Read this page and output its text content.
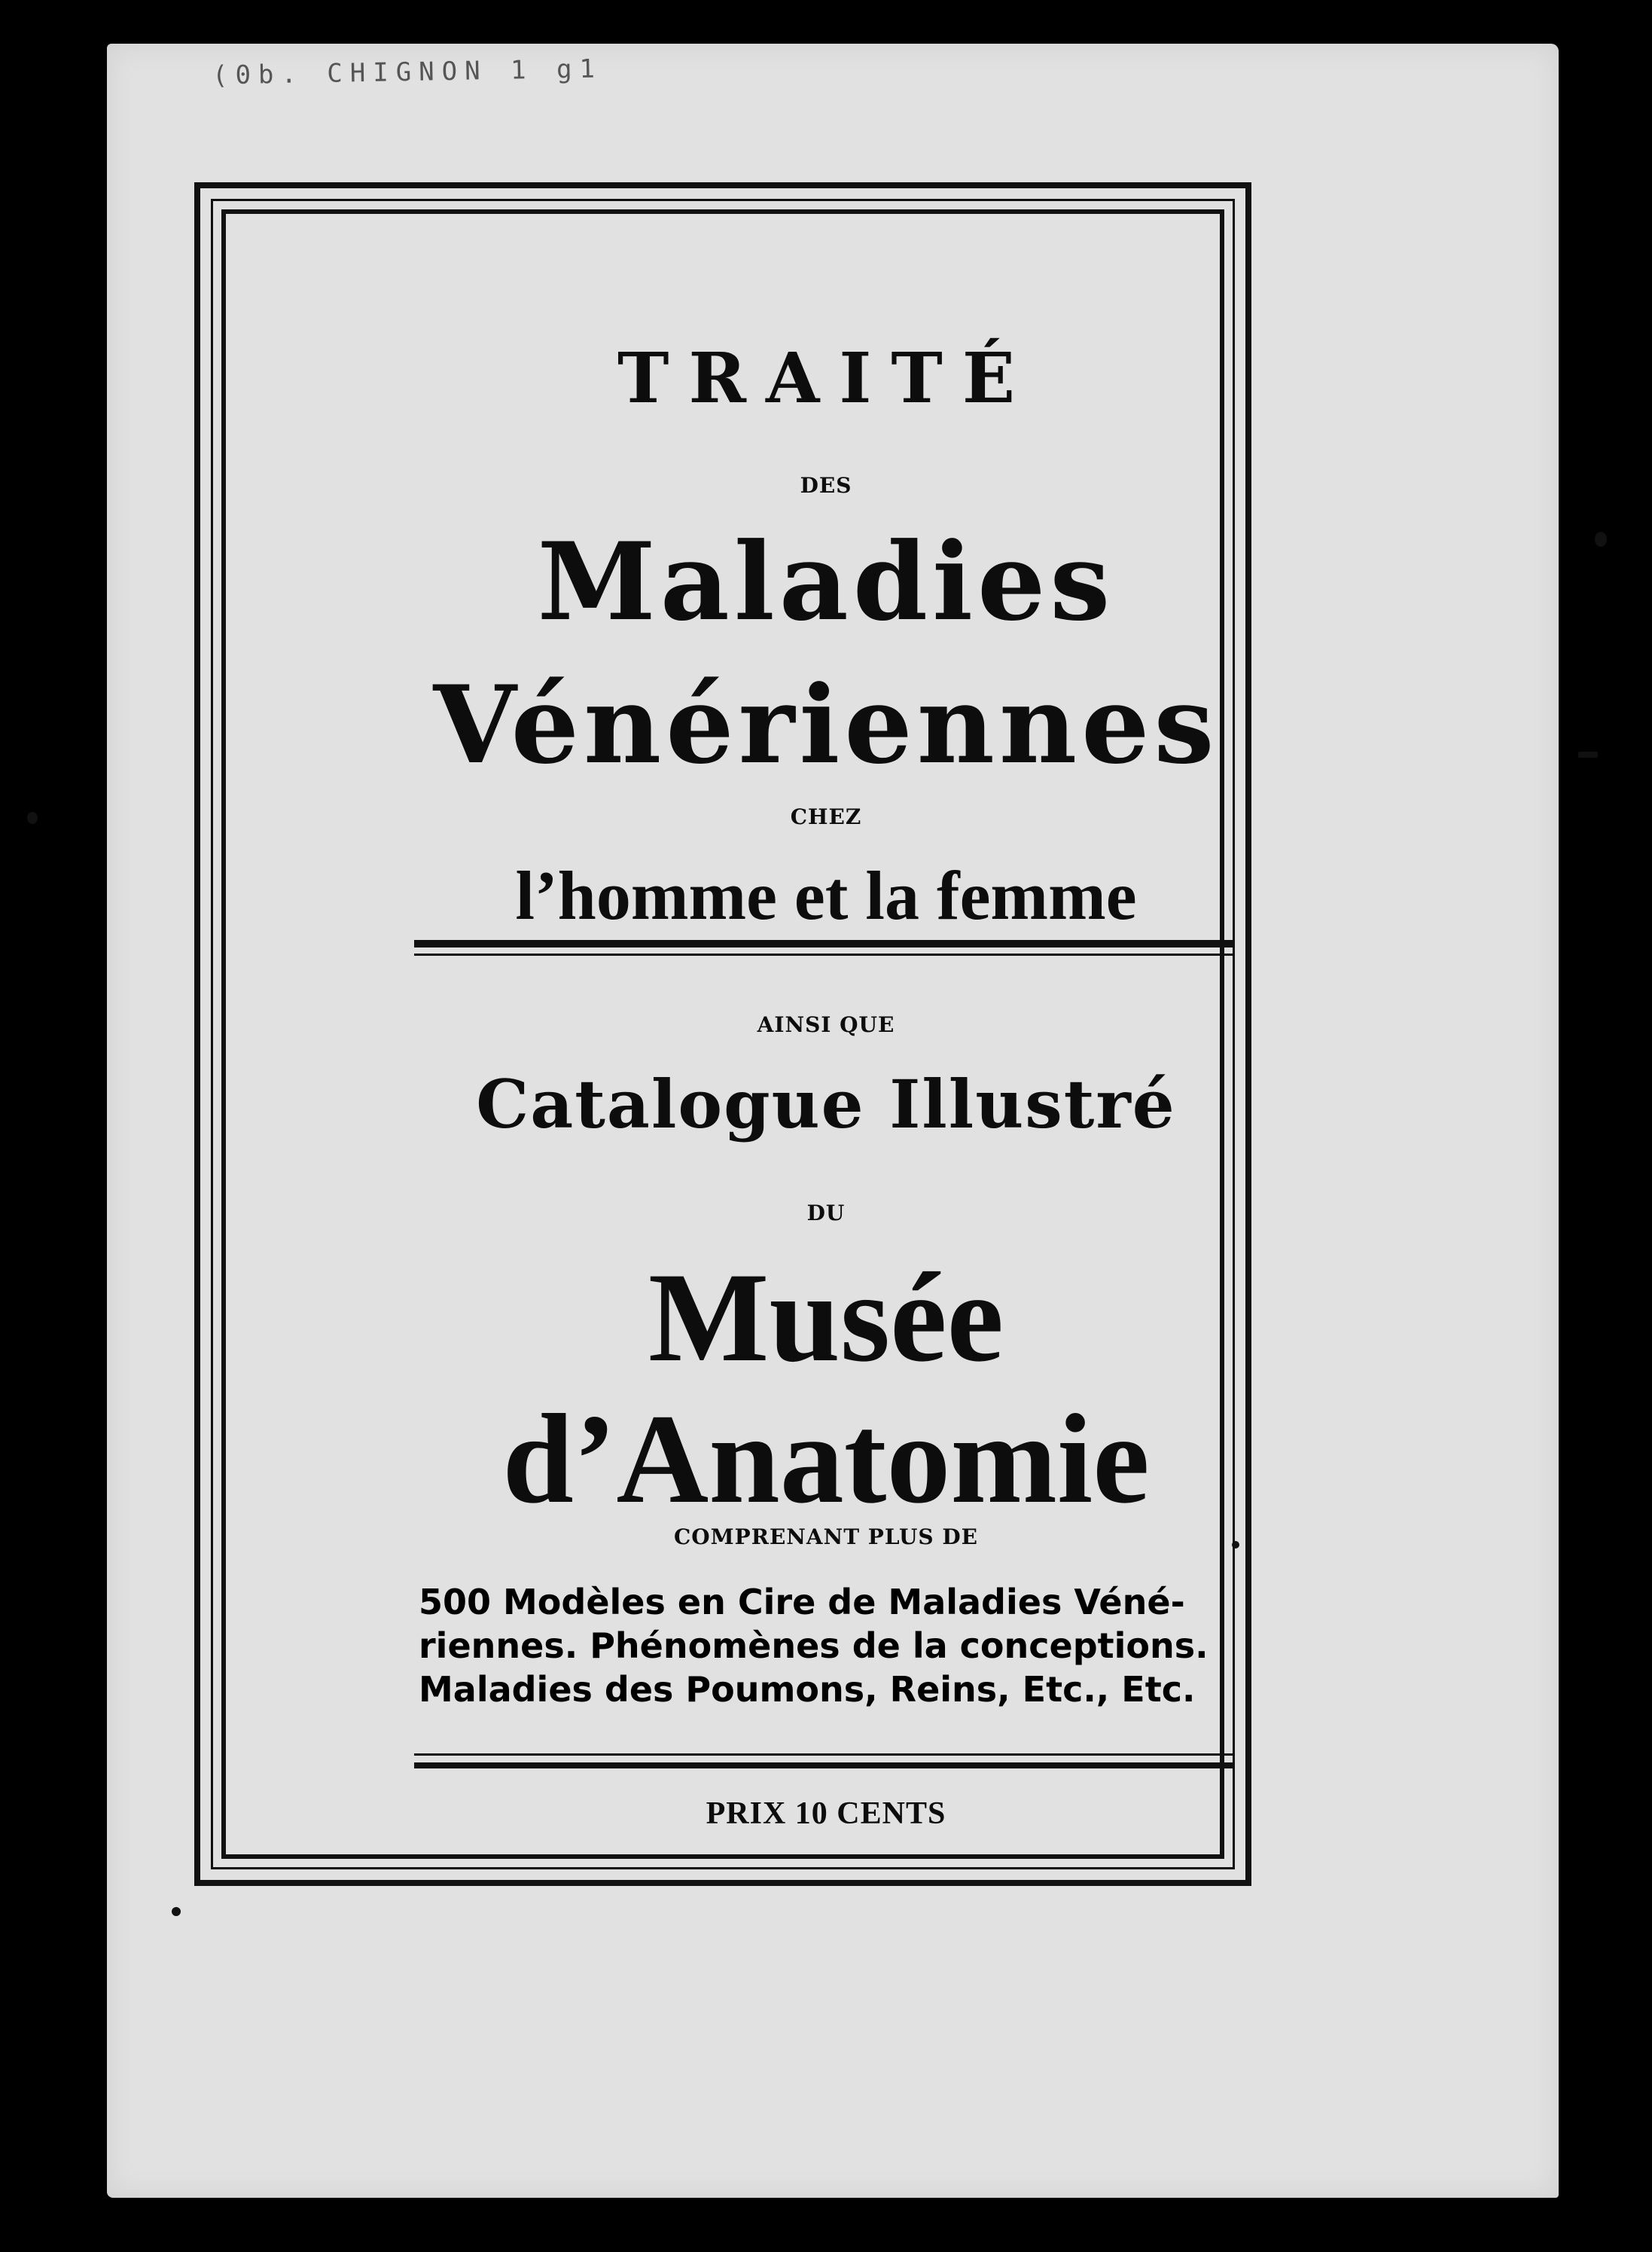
(0b. CHIGNON 1 g1
TRAITÉ
DES
Maladies
Vénériennes
CHEZ
l’homme et la femme
AINSI QUE
Catalogue Illustré
DU
Musée
d’Anatomie
COMPRENANT PLUS DE
500 Modèles en Cire de Maladies Véné-
riennes. Phénomènes de la conceptions.
Maladies des Poumons, Reins, Etc., Etc.
PRIX 10 CENTS
